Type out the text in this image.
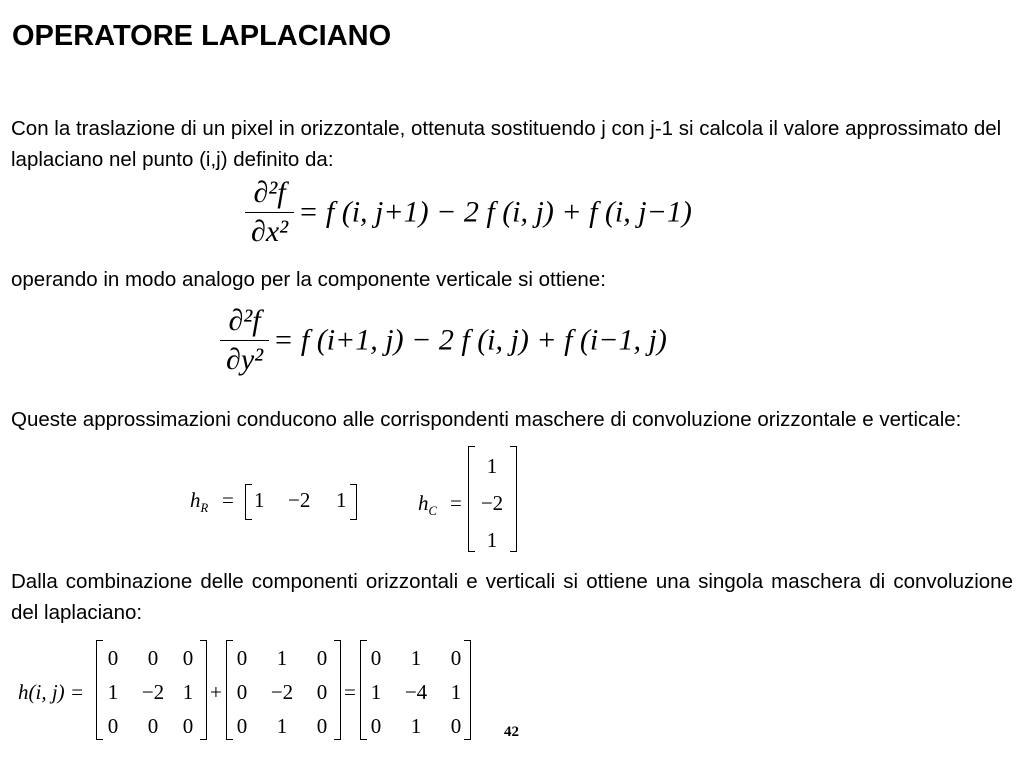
OPERATORE LAPLACIANO
Con la traslazione di un pixel in orizzontale, ottenuta sostituendo j con j-1 si calcola il valore approssimato del laplaciano nel punto (i,j) definito da:
$\frac{\text{∂²f}}{\text{∂x²}} = f$ (i, j+1) − 2 f (i, j) + f (i, j−1)
operando in modo analogo per la componente verticale si ottiene:
$\frac{\text{∂²f}}{\text{∂y²}} = f$ (i+1, j) − 2 f (i, j) + f (i−1, j)
Queste approssimazioni conducono alle corrispondenti maschere di convoluzione orizzontale e verticale:
$h_R = 1 -2$ 1	$h_C$ =
1
−2
1
Dalla combinazione delle componenti orizzontali e verticali si ottiene una singola maschera di convoluzione del laplaciano:
h(i, j) =
0	0	0
1	−2 1
0	0	0
+
0	1	0
0	−2	0
0	1	0
=
0	1	0
1	−4	1
0	1	0	42
